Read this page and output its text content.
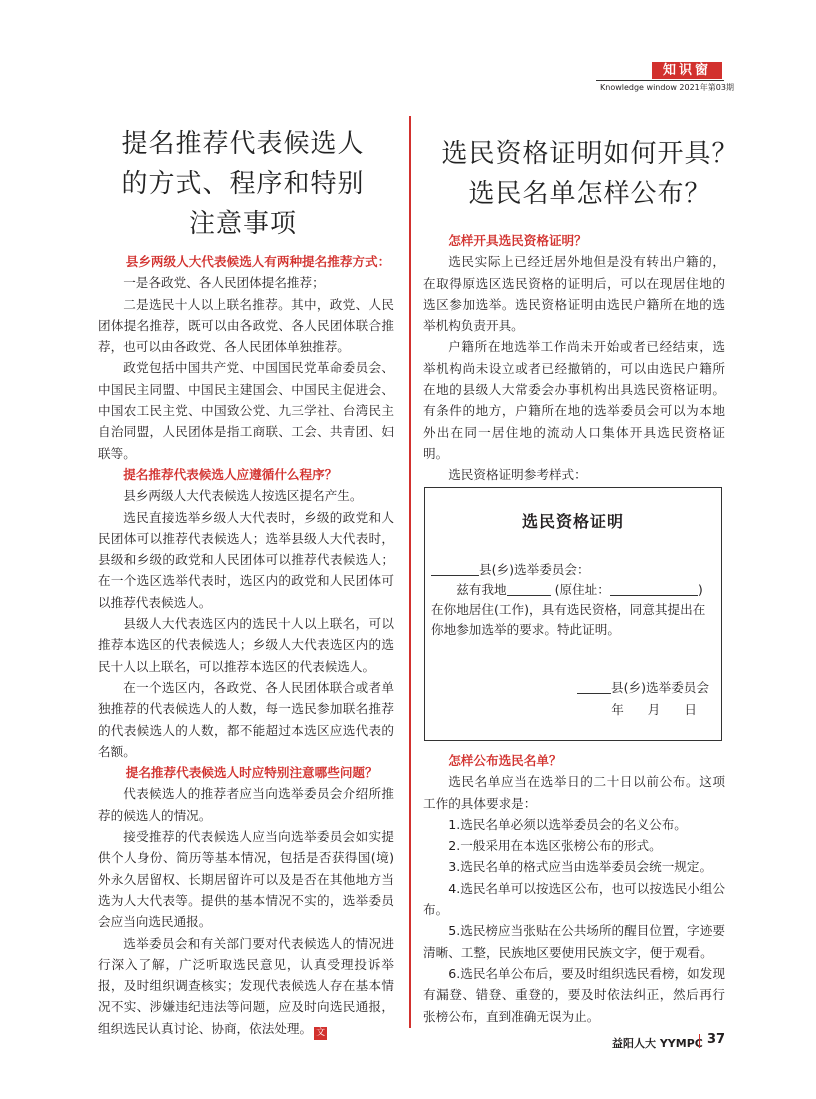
知识窗
Knowledge window 2021年第03期
提名推荐代表候选人
的方式、程序和特别
注意事项

县乡两级人大代表候选人有两种提名推荐方式：

一是各政党、各人民团体提名推荐；

二是选民十人以上联名推荐。其中，政党、人民团体提名推荐，既可以由各政党、各人民团体联合推荐，也可以由各政党、各人民团体单独推荐。

政党包括中国共产党、中国国民党革命委员会、中国民主同盟、中国民主建国会、中国民主促进会、中国农工民主党、中国致公党、九三学社、台湾民主自治同盟，人民团体是指工商联、工会、共青团、妇联等。

提名推荐代表候选人应遵循什么程序？

县乡两级人大代表候选人按选区提名产生。

选民直接选举乡级人大代表时，乡级的政党和人民团体可以推荐代表候选人；选举县级人大代表时，县级和乡级的政党和人民团体可以推荐代表候选人；在一个选区选举代表时，选区内的政党和人民团体可以推荐代表候选人。

县级人大代表选区内的选民十人以上联名，可以推荐本选区的代表候选人；乡级人大代表选区内的选民十人以上联名，可以推荐本选区的代表候选人。

在一个选区内，各政党、各人民团体联合或者单独推荐的代表候选人的人数，每一选民参加联名推荐的代表候选人的人数，都不能超过本选区应选代表的名额。

提名推荐代表候选人时应特别注意哪些问题？

代表候选人的推荐者应当向选举委员会介绍所推荐的候选人的情况。

接受推荐的代表候选人应当向选举委员会如实提供个人身份、简历等基本情况，包括是否获得国(境)外永久居留权、长期居留许可以及是否在其他地方当选为人大代表等。提供的基本情况不实的，选举委员会应当向选民通报。

选举委员会和有关部门要对代表候选人的情况进行深入了解，广泛听取选民意见，认真受理投诉举报，及时组织调查核实；发现代表候选人存在基本情况不实、涉嫌违纪违法等问题，应及时向选民通报，组织选民认真讨论、协商，依法处理。 文

选民资格证明如何开具？
选民名单怎样公布？

怎样开具选民资格证明？

选民实际上已经迁居外地但是没有转出户籍的，在取得原选区选民资格的证明后，可以在现居住地的选区参加选举。选民资格证明由选民户籍所在地的选举机构负责开具。

户籍所在地选举工作尚未开始或者已经结束，选举机构尚未设立或者已经撤销的，可以由选民户籍所在地的县级人大常委会办事机构出具选民资格证明。有条件的地方，户籍所在地的选举委员会可以为本地外出在同一居住地的流动人口集体开具选民资格证明。

选民资格证明参考样式：

怎样公布选民名单？

选民名单应当在选举日的二十日以前公布。这项工作的具体要求是：

1.选民名单必须以选举委员会的名义公布。

2.一般采用在本选区张榜公布的形式。

3.选民名单的格式应当由选举委员会统一规定。

4.选民名单可以按选区公布，也可以按选民小组公布。

5.选民榜应当张贴在公共场所的醒目位置，字迹要清晰、工整，民族地区要使用民族文字，便于观看。

6.选民名单公布后，要及时组织选民看榜，如发现有漏登、错登、重登的，要及时依法纠正，然后再行张榜公布，直到准确无误为止。

选民资格证明
县(乡)选举委员会：
兹有我地	(原住址：	)
在你地居住(工作)，具有选民资格，同意其提出在你地参加选举的要求。特此证明。
县(乡)选举委员会
年 月 日
益阳人大 YYMPC 37
